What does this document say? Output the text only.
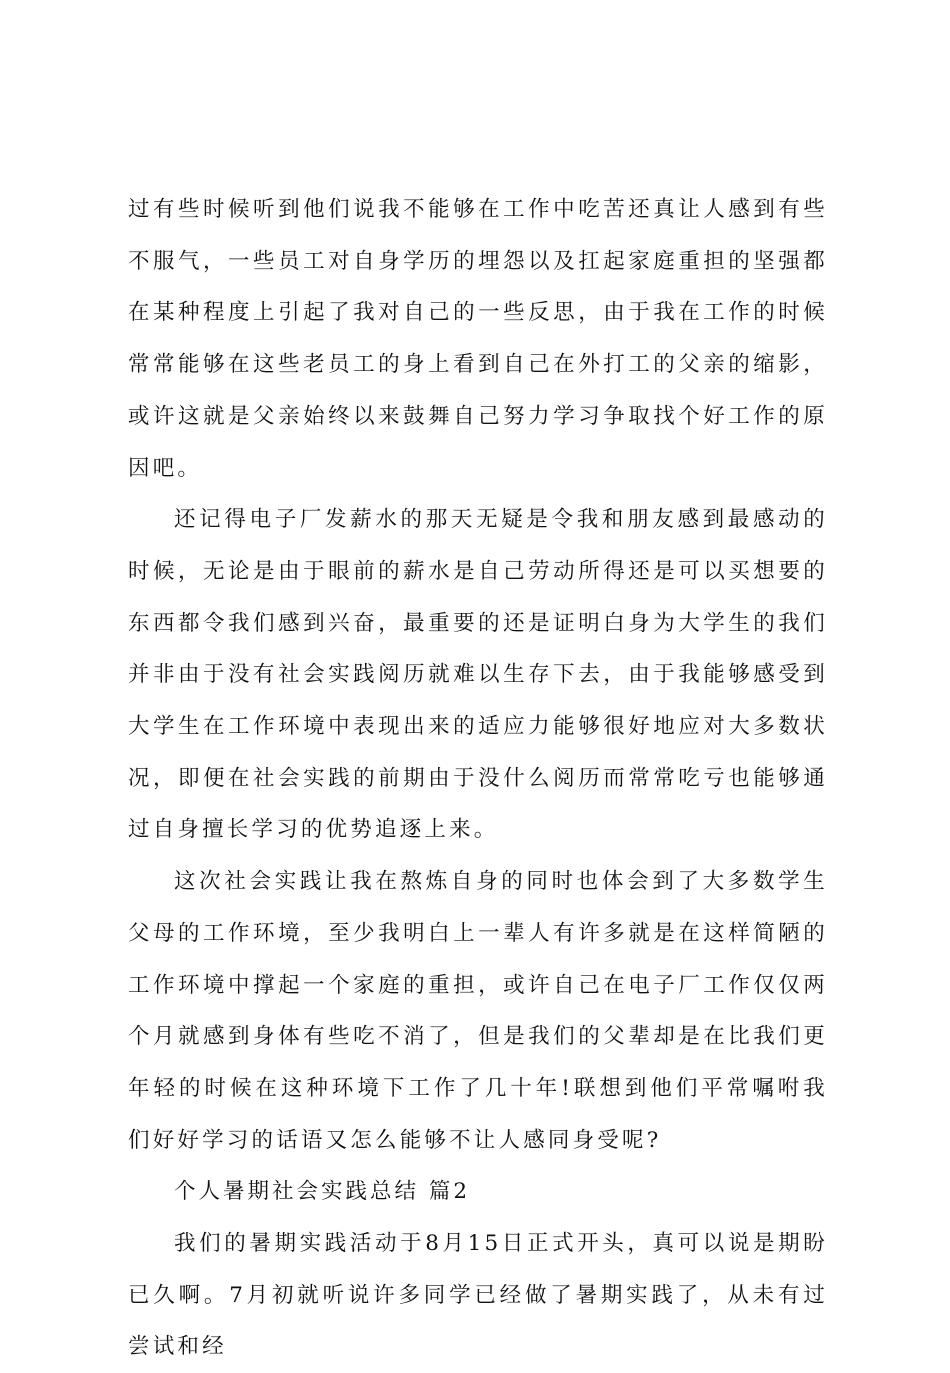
过有些时候听到他们说我不能够在工作中吃苦还真让人感到有些不服气，一些员工对自身学历的埋怨以及扛起家庭重担的坚强都在某种程度上引起了我对自己的一些反思，由于我在工作的时候常常能够在这些老员工的身上看到自己在外打工的父亲的缩影，或许这就是父亲始终以来鼓舞自己努力学习争取找个好工作的原因吧。

还记得电子厂发薪水的那天无疑是令我和朋友感到最感动的时候，无论是由于眼前的薪水是自己劳动所得还是可以买想要的东西都令我们感到兴奋，最重要的还是证明白身为大学生的我们并非由于没有社会实践阅历就难以生存下去，由于我能够感受到大学生在工作环境中表现出来的适应力能够很好地应对大多数状况，即便在社会实践的前期由于没什么阅历而常常吃亏也能够通过自身擅长学习的优势追逐上来。

这次社会实践让我在熬炼自身的同时也体会到了大多数学生父母的工作环境，至少我明白上一辈人有许多就是在这样简陋的工作环境中撑起一个家庭的重担，或许自己在电子厂工作仅仅两个月就感到身体有些吃不消了，但是我们的父辈却是在比我们更年轻的时候在这种环境下工作了几十年!联想到他们平常嘱咐我们好好学习的话语又怎么能够不让人感同身受呢?

个人暑期社会实践总结 篇2

我们的暑期实践活动于8月15日正式开头，真可以说是期盼已久啊。7月初就听说许多同学已经做了暑期实践了，从未有过尝试和经
